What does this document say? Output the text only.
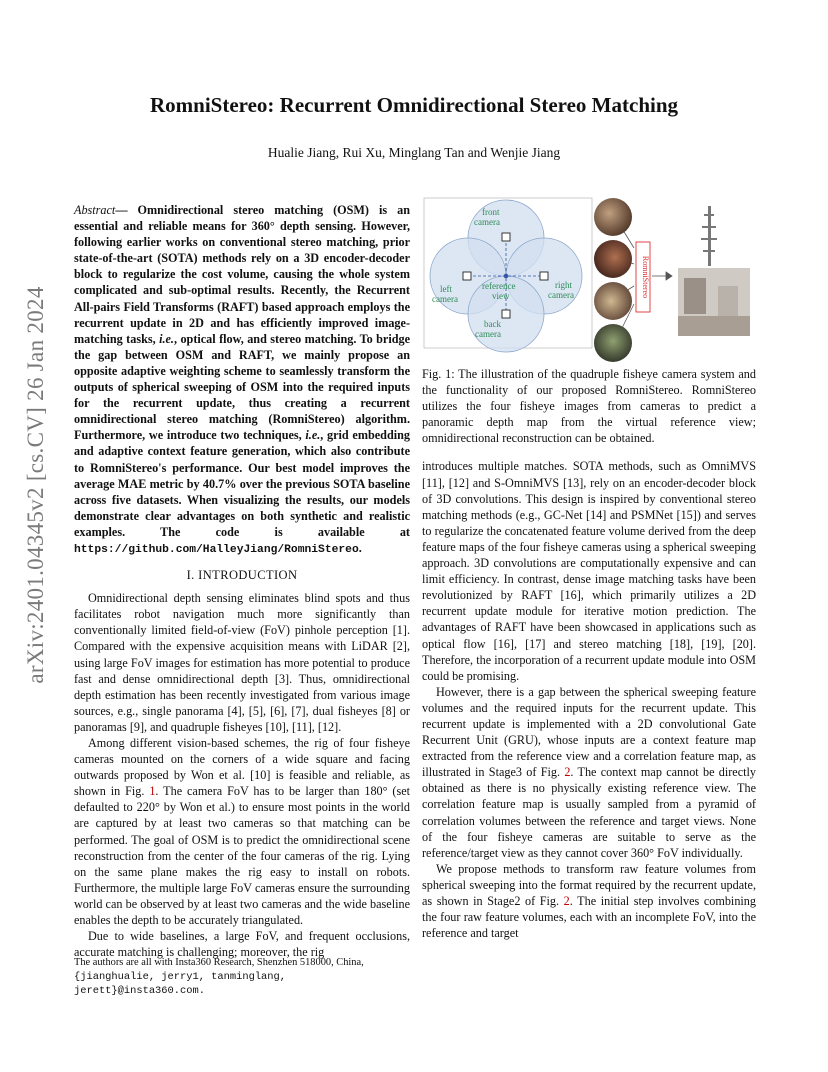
arXiv:2401.04345v2 [cs.CV] 26 Jan 2024
RomniStereo: Recurrent Omnidirectional Stereo Matching
Hualie Jiang, Rui Xu, Minglang Tan and Wenjie Jiang

Abstract— Omnidirectional stereo matching (OSM) is an essential and reliable means for 360° depth sensing. However, following earlier works on conventional stereo matching, prior state-of-the-art (SOTA) methods rely on a 3D encoder-decoder block to regularize the cost volume, causing the whole system complicated and sub-optimal results. Recently, the Recurrent All-pairs Field Transforms (RAFT) based approach employs the recurrent update in 2D and has efficiently improved image-matching tasks, i.e., optical flow, and stereo matching. To bridge the gap between OSM and RAFT, we mainly propose an opposite adaptive weighting scheme to seamlessly transform the outputs of spherical sweeping of OSM into the required inputs for the recurrent update, thus creating a recurrent omnidirectional stereo matching (RomniStereo) algorithm. Furthermore, we introduce two techniques, i.e., grid embedding and adaptive context feature generation, which also contribute to RomniStereo's performance. Our best model improves the average MAE metric by 40.7% over the previous SOTA baseline across five datasets. When visualizing the results, our models demonstrate clear advantages on both synthetic and realistic examples. The code is available at https://github.com/HalleyJiang/RomniStereo.

I. INTRODUCTION

Omnidirectional depth sensing eliminates blind spots and thus facilitates robot navigation much more significantly than conventionally limited field-of-view (FoV) pinhole perception [1]. Compared with the expensive acquisition means with LiDAR [2], using large FoV images for estimation has more potential to produce fast and dense omnidirectional depth [3]. Thus, omnidirectional depth estimation has been recently investigated from various image sources, e.g., single panorama [4], [5], [6], [7], dual fisheyes [8] or panoramas [9], and quadruple fisheyes [10], [11], [12].

Among different vision-based schemes, the rig of four fisheye cameras mounted on the corners of a wide square and facing outwards proposed by Won et al. [10] is feasible and reliable, as shown in Fig. 1. The camera FoV has to be larger than 180° (set defaulted to 220° by Won et al.) to ensure most points in the world are captured by at least two cameras so that matching can be performed. The goal of OSM is to predict the omnidirectional scene reconstruction from the center of the four cameras of the rig. Lying on the same plane makes the rig easy to install on robots. Furthermore, the multiple large FoV cameras ensure the surrounding world can be observed by at least two cameras and the wide baseline enables the depth to be accurately triangulated.

Due to wide baselines, a large FoV, and frequent occlusions, accurate matching is challenging; moreover, the rig

The authors are all with Insta360 Research, Shenzhen 518000, China,
{jianghualie, jerry1, tanminglang, jerett}@insta360.com.
front
camera
left
camera
right
camera
back
camera
reference
view	RomniStereo

Fig. 1: The illustration of the quadruple fisheye camera system and the functionality of our proposed RomniStereo. RomniStereo utilizes the four fisheye images from cameras to predict a panoramic depth map from the virtual reference view; omnidirectional reconstruction can be obtained.

introduces multiple matches. SOTA methods, such as OmniMVS [11], [12] and S-OmniMVS [13], rely on an encoder-decoder block of 3D convolutions. This design is inspired by conventional stereo matching methods (e.g., GC-Net [14] and PSMNet [15]) and serves to regularize the concatenated feature volume derived from the deep feature maps of the four fisheye cameras using a spherical sweeping approach. 3D convolutions are computationally expensive and can limit efficiency. In contrast, dense image matching tasks have been revolutionized by RAFT [16], which primarily utilizes a 2D recurrent update module for iterative motion prediction. The advantages of RAFT have been showcased in applications such as optical flow [16], [17] and stereo matching [18], [19], [20]. Therefore, the incorporation of a recurrent update module into OSM could be promising.

However, there is a gap between the spherical sweeping feature volumes and the required inputs for the recurrent update. This recurrent update is implemented with a 2D convolutional Gate Recurrent Unit (GRU), whose inputs are a context feature map extracted from the reference view and a correlation feature map, as illustrated in Stage3 of Fig. 2. The context map cannot be directly obtained as there is no physically existing reference view. The correlation feature map is usually sampled from a pyramid of correlation volumes between the reference and target views. None of the four fisheye cameras are suitable to serve as the reference/target view as they cannot cover 360° FoV individually.

We propose methods to transform raw feature volumes from spherical sweeping into the format required by the recurrent update, as shown in Stage2 of Fig. 2. The initial step involves combining the four raw feature volumes, each with an incomplete FoV, into the reference and target
